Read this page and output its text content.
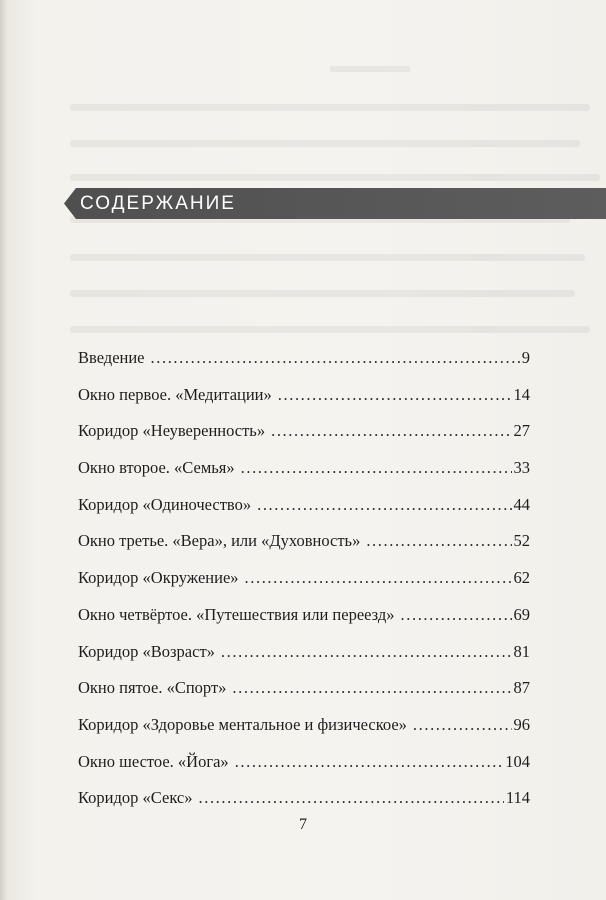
СОДЕРЖАНИЕ
Введение .....	9
Окно первое. «Медитации» .....	14
Коридор «Неуверенность» .....	27
Окно второе. «Семья» .....	33
Коридор «Одиночество» .....	44
Окно третье. «Вера», или «Духовность» .....	52
Коридор «Окружение» .....	62
Окно четвёртое. «Путешествия или переезд» .....	69
Коридор «Возраст» .....	81
Окно пятое. «Спорт» .....	87
Коридор «Здоровье ментальное и физическое» .....	96
Окно шестое. «Йога» .....	104
Коридор «Секс» .....	114
7
